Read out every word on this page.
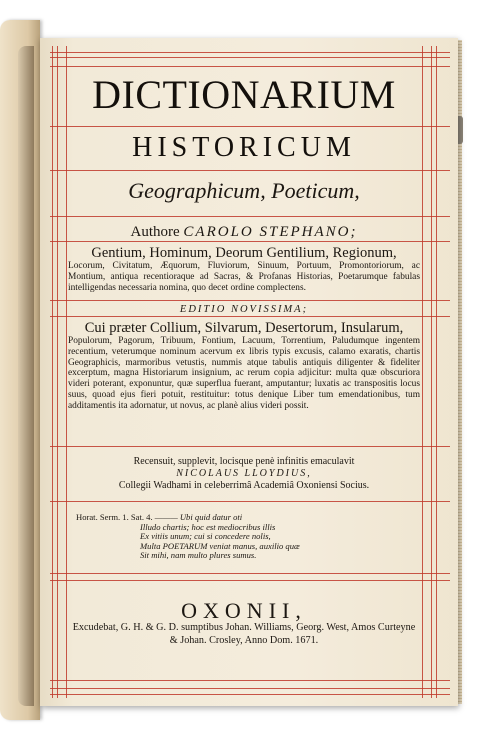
DICTIONARIUM
HISTORICUM
Geographicum, Poeticum,
Authore CAROLO STEPHANO;
Gentium, Hominum, Deorum Gentilium, Regionum,
Locorum, Civitatum, Æquorum, Fluviorum, Sinuum, Portuum, Promontoriorum, ac Montium, antiqua recentioraque ad Sacras, & Profanas Historias, Poetarumque fabulas intelligendas necessaria nomina, quo decet ordine complectens.
EDITIO NOVISSIMA;
Cui præter Collium, Silvarum, Desertorum, Insularum,
Populorum, Pagorum, Tribuum, Fontium, Lacuum, Torrentium, Paludumque ingentem recentium, veterumque nominum acervum ex libris typis excusis, calamo exaratis, chartis Geographicis, marmoribus vetustis, nummis atque tabulis antiquis diligenter & fideliter excerptum, magna Historiarum insignium, ac rerum copia adjicitur: multa quæ obscuriora videri poterant, exponuntur, quæ superflua fuerant, amputantur; luxatis ac transpositis locus suus, quoad ejus fieri potuit, restituitur: totus denique Liber tum emendationibus, tum additamentis ita adornatur, ut novus, ac planè alius videri possit.
Recensuit, supplevit, locisque penè infinitis emaculavit
NICOLAUS LLOYDIUS,
Collegii Wadhami in celeberrimâ Academiâ Oxoniensi Socius.
Horat. Serm. 1. Sat. 4. ——— Ubi quid datur oti
Illudo chartis; hoc est mediocribus illis
Ex vitiis unum; cui si concedere nolis,
Multa POETARUM veniat manus, auxilio quæ
Sit mihi, nam multo plures sumus.
OXONII,
Excudebat, G. H. & G. D. sumptibus Johan. Williams, Georg. West, Amos Curteyne
& Johan. Crosley, Anno Dom. 1671.
